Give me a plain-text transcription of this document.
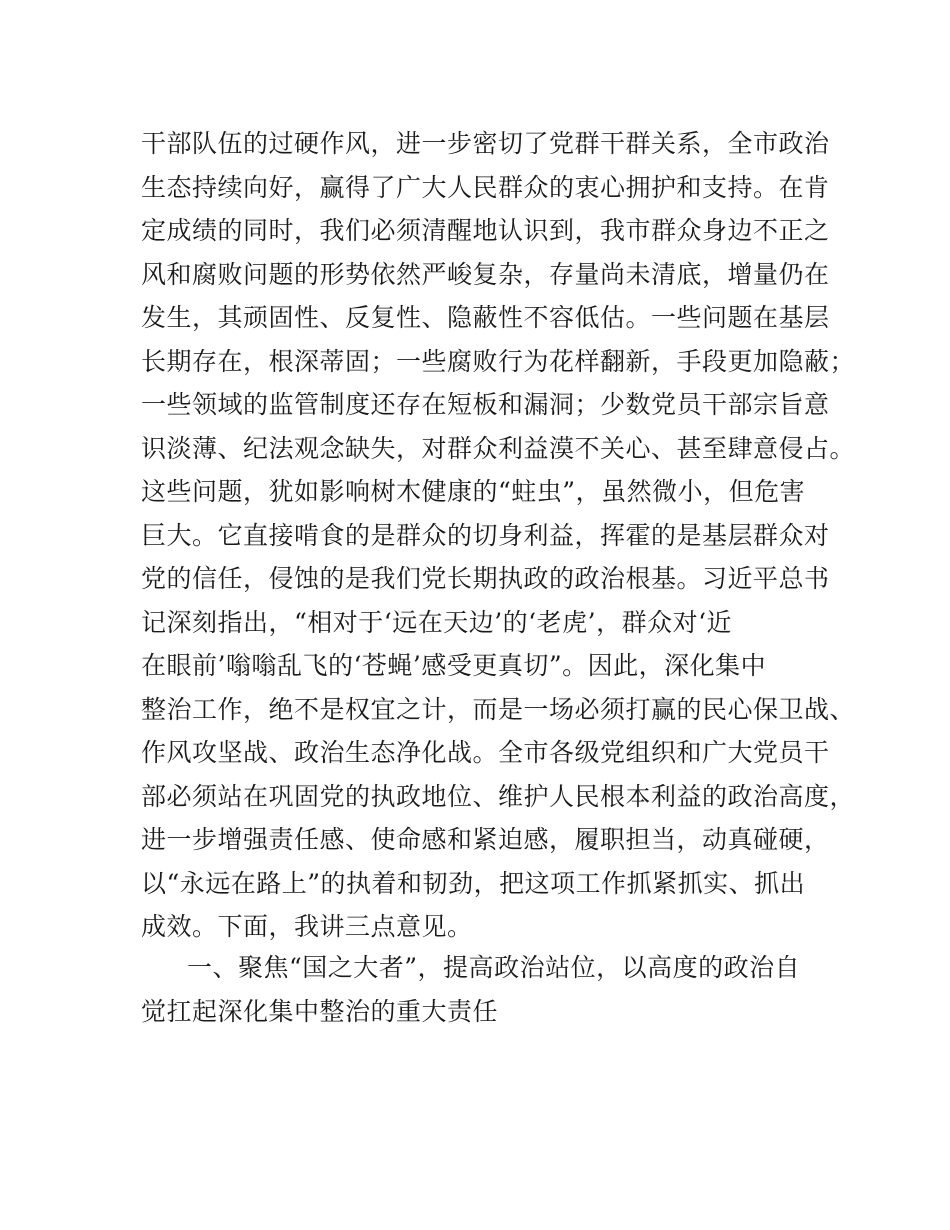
干部队伍的过硬作风，进一步密切了党群干群关系，全市政治
生态持续向好，赢得了广大人民群众的衷心拥护和支持。在肯
定成绩的同时，我们必须清醒地认识到，我市群众身边不正之
风和腐败问题的形势依然严峻复杂，存量尚未清底，增量仍在
发生，其顽固性、反复性、隐蔽性不容低估。一些问题在基层
长期存在，根深蒂固；一些腐败行为花样翻新，手段更加隐蔽；
一些领域的监管制度还存在短板和漏洞；少数党员干部宗旨意
识淡薄、纪法观念缺失，对群众利益漠不关心、甚至肆意侵占。
这些问题，犹如影响树木健康的“蛀虫”，虽然微小，但危害
巨大。它直接啃食的是群众的切身利益，挥霍的是基层群众对
党的信任，侵蚀的是我们党长期执政的政治根基。习近平总书
记深刻指出，“相对于‘远在天边’的‘老虎’，群众对‘近
在眼前’嗡嗡乱飞的‘苍蝇’感受更真切”。因此，深化集中
整治工作，绝不是权宜之计，而是一场必须打赢的民心保卫战、
作风攻坚战、政治生态净化战。全市各级党组织和广大党员干
部必须站在巩固党的执政地位、维护人民根本利益的政治高度，
进一步增强责任感、使命感和紧迫感，履职担当，动真碰硬，
以“永远在路上”的执着和韧劲，把这项工作抓紧抓实、抓出
成效。下面，我讲三点意见。
一、聚焦“国之大者”，提高政治站位，以高度的政治自
觉扛起深化集中整治的重大责任
